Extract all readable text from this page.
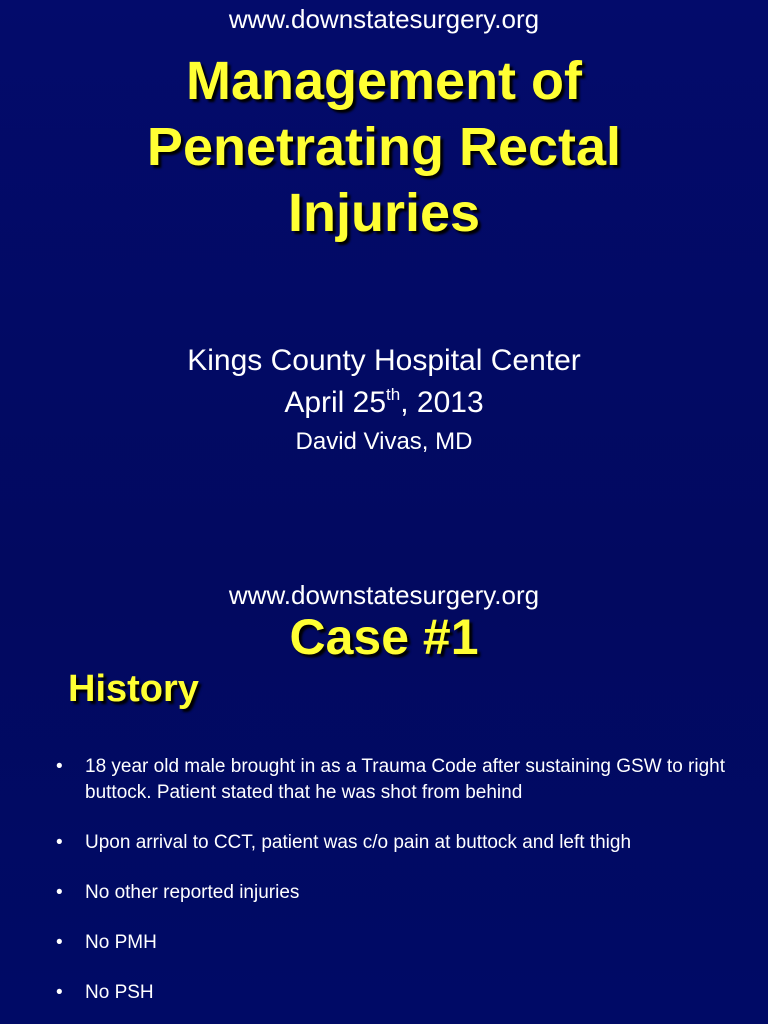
www.downstatesurgery.org
Management of
Penetrating Rectal
Injuries
Kings County Hospital Center
April 25th, 2013
David Vivas, MD
www.downstatesurgery.org
Case #1
History
• 18 year old male brought in as a Trauma Code after sustaining GSW to right buttock. Patient stated that he was shot from behind
• Upon arrival to CCT, patient was c/o pain at buttock and left thigh
• No other reported injuries
• No PMH
• No PSH
